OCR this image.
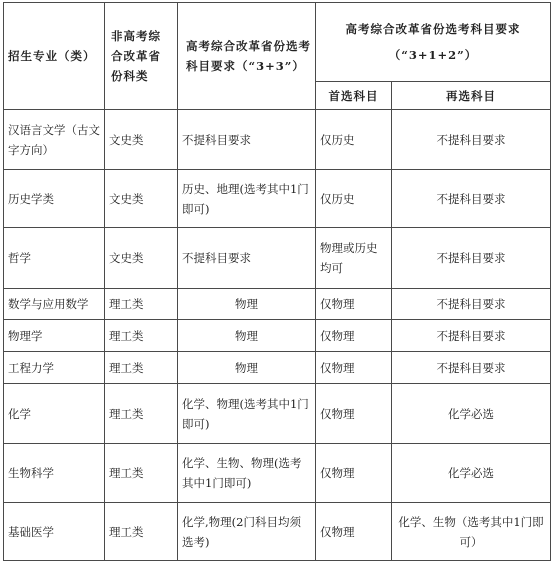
招生专业（类）	非高考综合改革省份科类	高考综合改革省份选考科目要求（“3+3”）	高考综合改革省份选考科目要求（“3+1+2”）	
			首选科目	再选科目
汉语言文学（古文字方向）	文史类	不提科目要求	仅历史	不提科目要求
历史学类	文史类	历史、地理(选考其中1门即可)	仅历史	不提科目要求
哲学	文史类	不提科目要求	物理或历史均可	不提科目要求
数学与应用数学	理工类	物理	仅物理	不提科目要求
物理学	理工类	物理	仅物理	不提科目要求
工程力学	理工类	物理	仅物理	不提科目要求
化学	理工类	化学、物理(选考其中1门即可)	仅物理	化学必选
生物科学	理工类	化学、生物、物理(选考其中1门即可)	仅物理	化学必选
基础医学	理工类	化学,物理(2门科目均须选考)	仅物理	化学、生物（选考其中1门即可）
